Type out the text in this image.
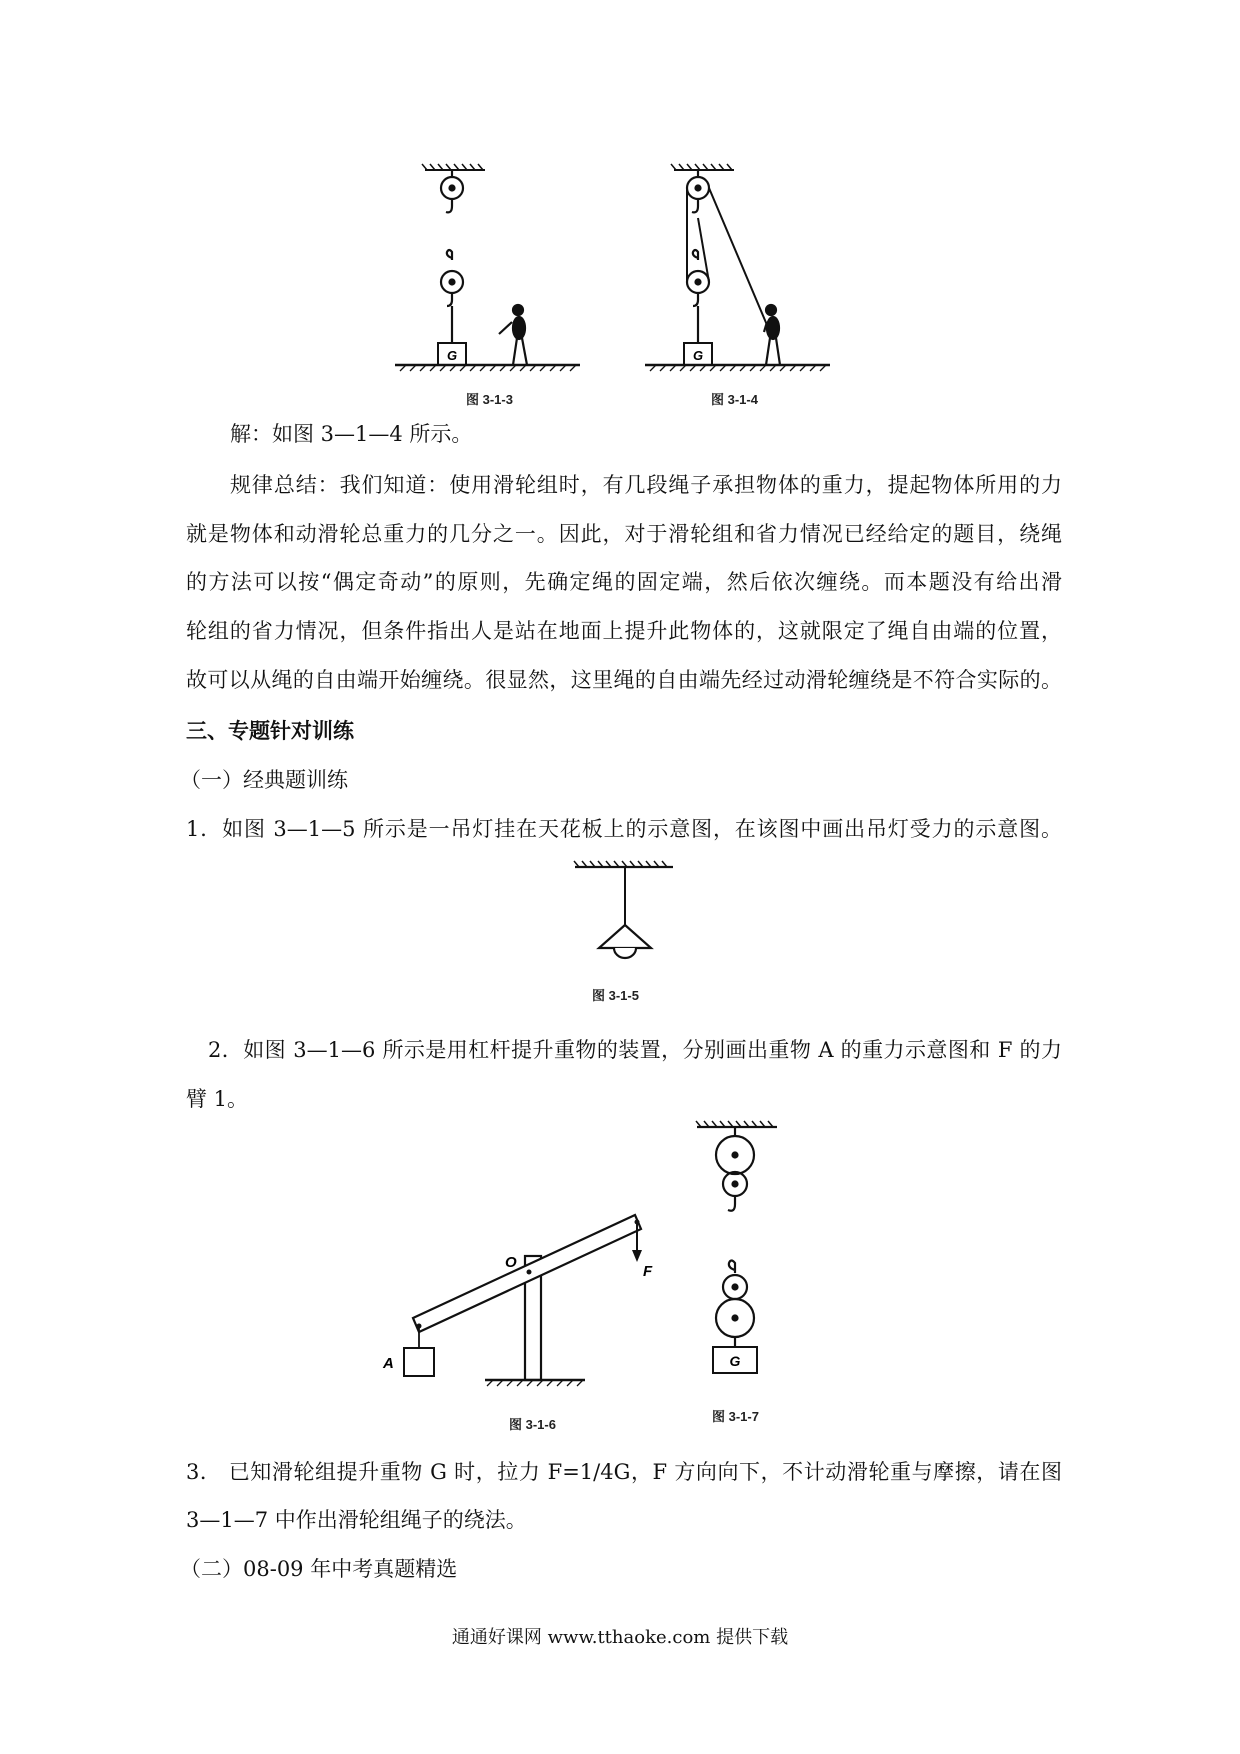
G
图 3-1-3
G
图 3-1-4
解：如图 3—1—4 所示。
规律总结：我们知道：使用滑轮组时，有几段绳子承担物体的重力，提起物体所用的力
就是物体和动滑轮总重力的几分之一。因此，对于滑轮组和省力情况已经给定的题目，绕绳
的方法可以按“偶定奇动”的原则，先确定绳的固定端，然后依次缠绕。而本题没有给出滑
轮组的省力情况，但条件指出人是站在地面上提升此物体的，这就限定了绳自由端的位置，
故可以从绳的自由端开始缠绕。很显然，这里绳的自由端先经过动滑轮缠绕是不符合实际的。
三、专题针对训练
（一）经典题训练
1．如图 3—1—5 所示是一吊灯挂在天花板上的示意图，在该图中画出吊灯受力的示意图。
图 3-1-5
2．如图 3—1—6 所示是用杠杆提升重物的装置，分别画出重物 A 的重力示意图和 F 的力
臂 1。
O
A
F
图 3-1-6
G
图 3-1-7
3． 已知滑轮组提升重物 G 时，拉力 F=1/4G，F 方向向下，不计动滑轮重与摩擦，请在图
3—1—7 中作出滑轮组绳子的绕法。
（二）08-09 年中考真题精选
通通好课网 www.tthaoke.com 提供下载
